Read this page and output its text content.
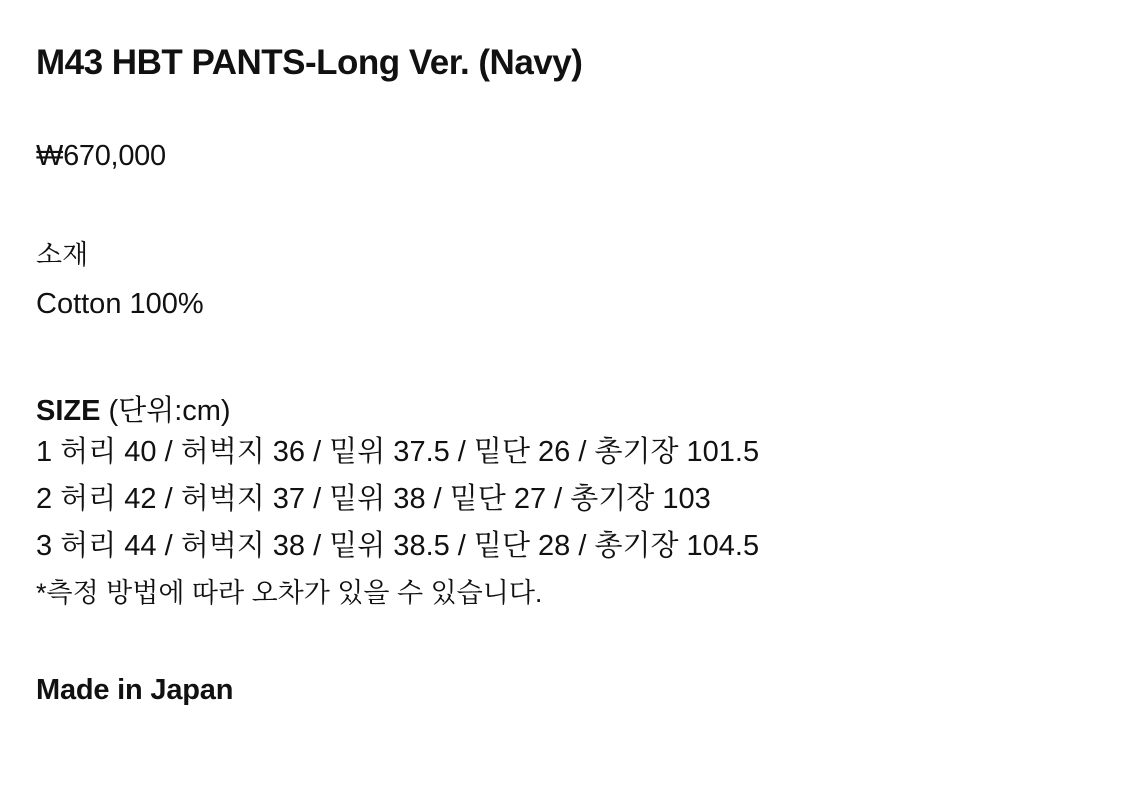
M43 HBT PANTS-Long Ver. (Navy)

₩670,000

소재

Cotton 100%

SIZE (단위:cm)

1 허리 40 / 허벅지 36 / 밑위 37.5 / 밑단 26 / 총기장 101.5

2 허리 42 / 허벅지 37 / 밑위 38 / 밑단 27 / 총기장 103

3 허리 44 / 허벅지 38 / 밑위 38.5 / 밑단 28 / 총기장 104.5

*측정 방법에 따라 오차가 있을 수 있습니다.

Made in Japan
